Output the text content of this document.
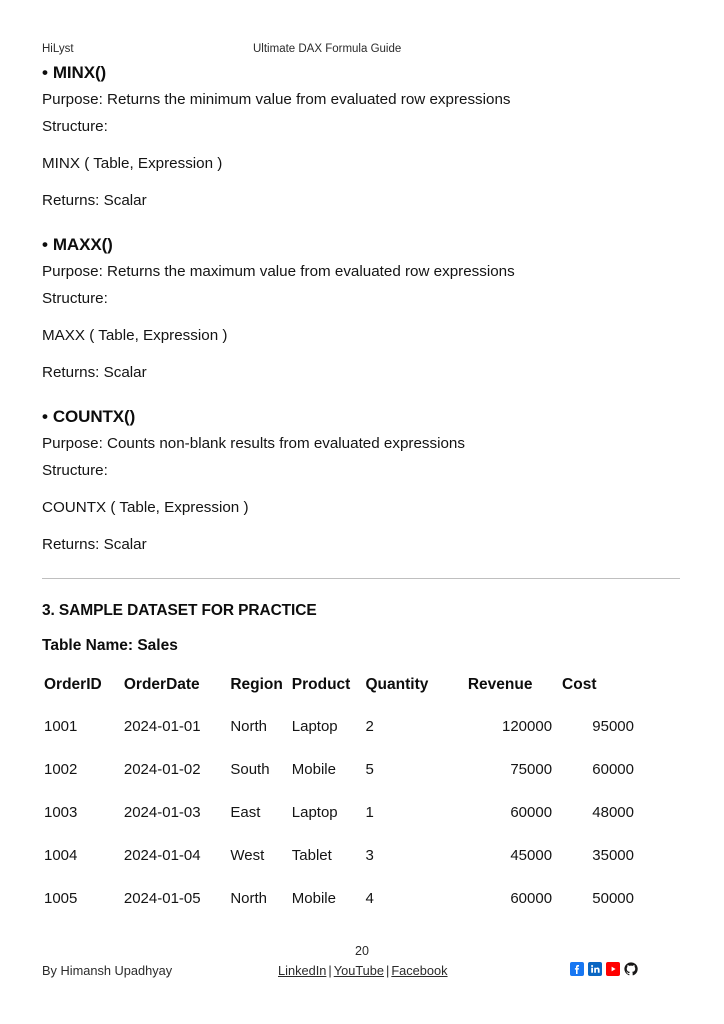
HiLyst	Ultimate DAX Formula Guide

• MINX()

Purpose: Returns the minimum value from evaluated row expressions

Structure:

MINX ( Table, Expression )

Returns: Scalar

• MAXX()

Purpose: Returns the maximum value from evaluated row expressions

Structure:

MAXX ( Table, Expression )

Returns: Scalar

• COUNTX()

Purpose: Counts non-blank results from evaluated expressions

Structure:

COUNTX ( Table, Expression )

Returns: Scalar

3. SAMPLE DATASET FOR PRACTICE

Table Name: Sales

OrderID	OrderDate	Region	Product	Quantity	Revenue	Cost
1001	2024-01-01	North	Laptop	2	120000	95000
1002	2024-01-02	South	Mobile	5	75000	60000
1003	2024-01-03	East	Laptop	1	60000	48000
1004	2024-01-04	West	Tablet	3	45000	35000
1005	2024-01-05	North	Mobile	4	60000	50000
20
By Himansh Upadhyay	LinkedIn | YouTube | Facebook
